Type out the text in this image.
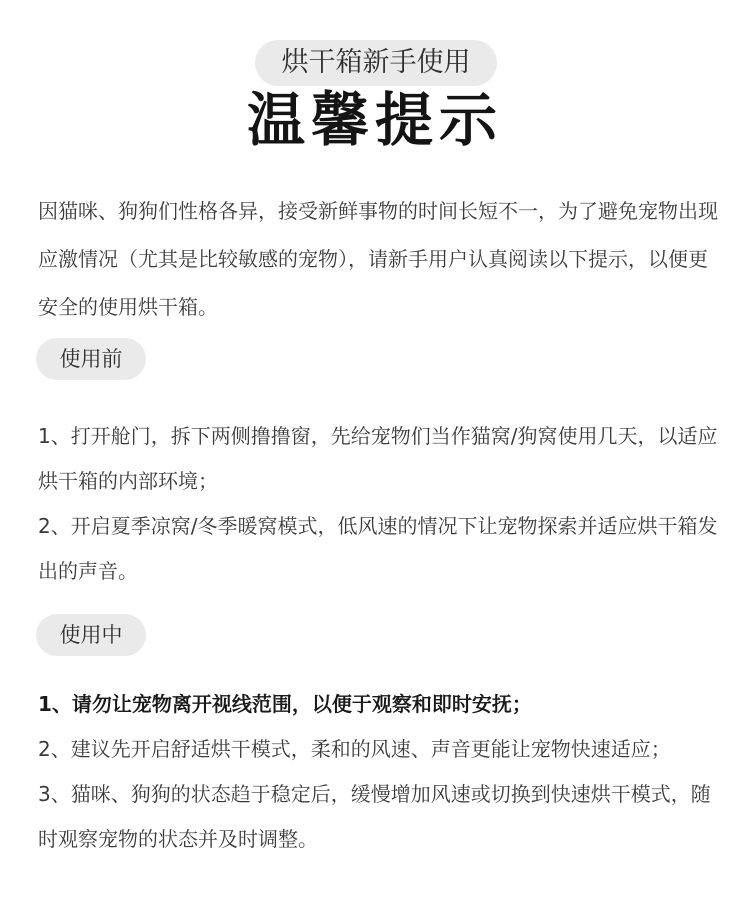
烘干箱新手使用
温馨提示

因猫咪、狗狗们性格各异，接受新鲜事物的时间长短不一，为了避免宠物出现应激情况（尤其是比较敏感的宠物），请新手用户认真阅读以下提示，以便更安全的使用烘干箱。

使用前
1、打开舱门，拆下两侧撸撸窗，先给宠物们当作猫窝/狗窝使用几天，以适应烘干箱的内部环境；
2、开启夏季凉窝/冬季暖窝模式，低风速的情况下让宠物探索并适应烘干箱发出的声音。
使用中
1、请勿让宠物离开视线范围，以便于观察和即时安抚；
2、建议先开启舒适烘干模式，柔和的风速、声音更能让宠物快速适应；
3、猫咪、狗狗的状态趋于稳定后，缓慢增加风速或切换到快速烘干模式，随时观察宠物的状态并及时调整。
